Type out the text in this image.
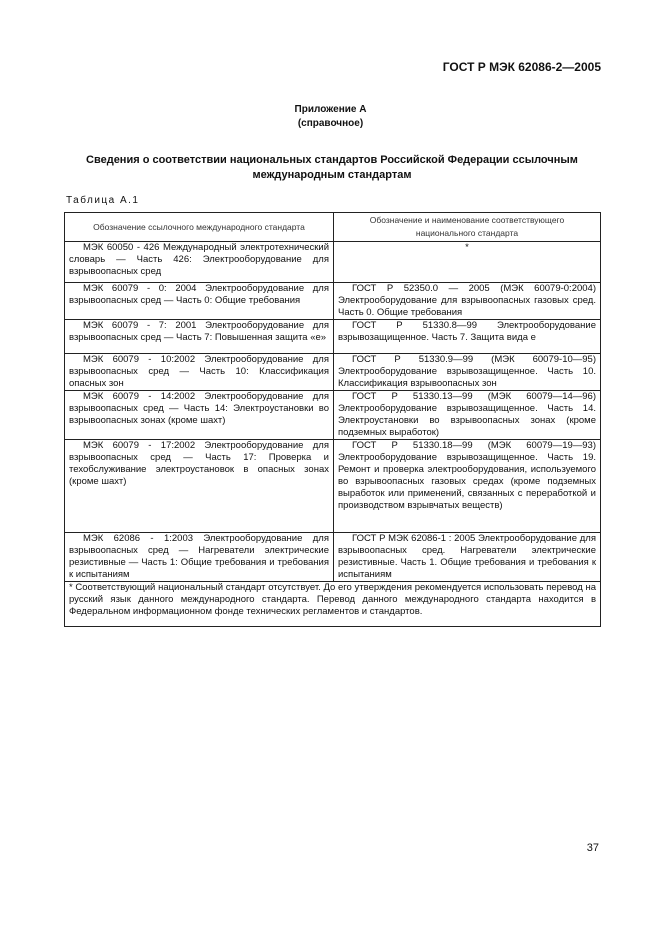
ГОСТ Р МЭК 62086-2—2005
Приложение А
(справочное)
Сведения о соответствии национальных стандартов Российской Федерации ссылочным международным стандартам
Таблица А.1
Обозначение ссылочного международного стандарта	Обозначение и наименование соответствующего национального стандарта

МЭК 60050 - 426 Международный электротехнический словарь — Часть 426: Электрооборудование для взрывоопасных сред	*

МЭК 60079 - 0: 2004 Электрооборудование для взрывоопасных сред — Часть 0: Общие требования	ГОСТ Р 52350.0 — 2005 (МЭК 60079-0:2004) Электрооборудование для взрывоопасных газовых сред. Часть 0. Общие требования

МЭК 60079 - 7: 2001 Электрооборудование для взрывоопасных сред — Часть 7: Повышенная защита «е»	ГОСТ Р 51330.8—99 Электрооборудование взрывозащищенное. Часть 7. Защита вида е

МЭК 60079 - 10:2002 Электрооборудование для взрывоопасных сред — Часть 10: Классификация опасных зон	ГОСТ Р 51330.9—99 (МЭК 60079-10—95) Электрооборудование взрывозащищенное. Часть 10. Классификация взрывоопасных зон

МЭК 60079 - 14:2002 Электрооборудование для взрывоопасных сред — Часть 14: Электроустановки во взрывоопасных зонах (кроме шахт)	ГОСТ Р 51330.13—99 (МЭК 60079—14—96) Электрооборудование взрывозащищенное. Часть 14. Электроустановки во взрывоопасных зонах (кроме подземных выработок)

МЭК 60079 - 17:2002 Электрооборудование для взрывоопасных сред — Часть 17: Проверка и техобслуживание электроустановок в опасных зонах (кроме шахт)	ГОСТ Р 51330.18—99 (МЭК 60079—19—93) Электрооборудование взрывозащищенное. Часть 19. Ремонт и проверка электрооборудования, используемого во взрывоопасных газовых средах (кроме подземных выработок или применений, связанных с переработкой и производством взрывчатых веществ)

МЭК 62086 - 1:2003 Электрооборудование для взрывоопасных сред — Нагреватели электрические резистивные — Часть 1: Общие требования и требования к испытаниям	ГОСТ Р МЭК 62086-1 : 2005 Электрооборудование для взрывоопасных сред. Нагреватели электрические резистивные. Часть 1. Общие требования и требования к испытаниям

* Соответствующий национальный стандарт отсутствует. До его утверждения рекомендуется использовать перевод на русский язык данного международного стандарта. Перевод данного международного стандарта находится в Федеральном информационном фонде технических регламентов и стандартов.	
37
